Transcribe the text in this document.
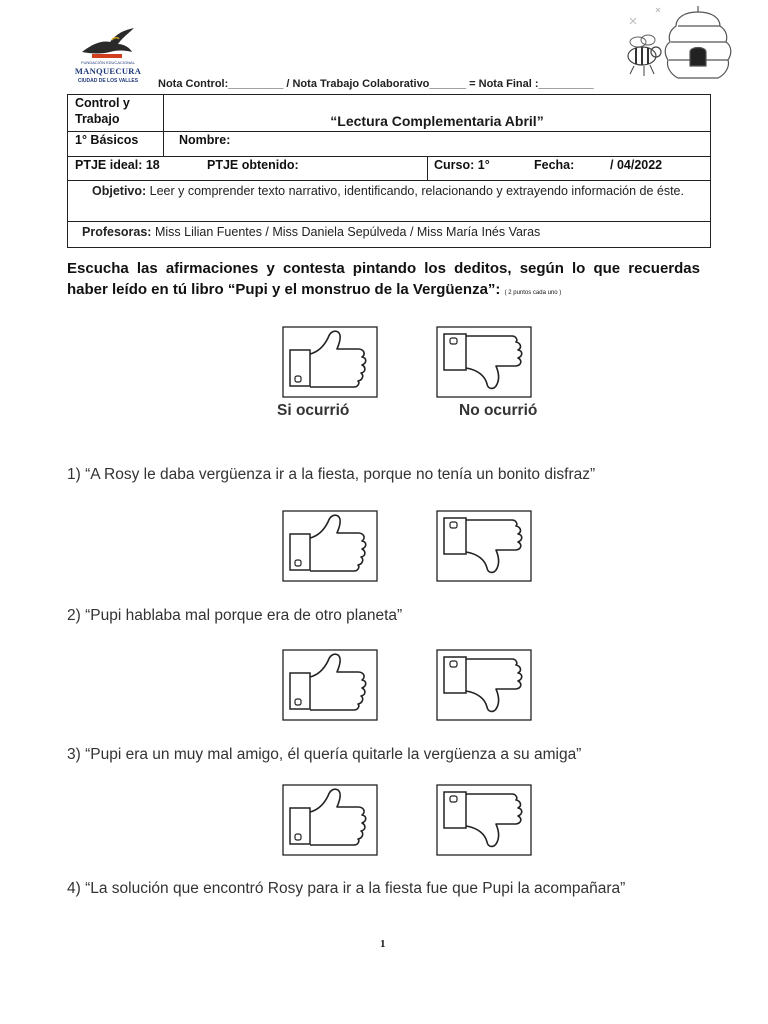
FUNDACIÓN EDUCACIONAL
MANQUECURA
CIUDAD DE LOS VALLES	Nota Control:_________ / Nota Trabajo Colaborativo______ = Nota Final :_________
Control y
Trabajo	“Lectura Complementaria Abril”
1° Básicos	Nombre:
PTJE ideal: 18	PTJE obtenido:	Curso: 1°	Fecha:	/ 04/2022
Objetivo: Leer y comprender texto narrativo, identificando, relacionando y extrayendo información de éste.
Profesoras: Miss Lilian Fuentes / Miss Daniela Sepúlveda / Miss María Inés Varas
Escucha las afirmaciones y contesta pintando los deditos, según lo que recuerdas haber leído en tú libro “Pupi y el monstruo de la Vergüenza”: ( 2 puntos cada uno )
Si ocurrió	No ocurrió
1) “A Rosy le daba vergüenza ir a la fiesta, porque no tenía un bonito disfraz”
2) “Pupi hablaba mal porque era de otro planeta”
3) “Pupi era un muy mal amigo, él quería quitarle la vergüenza a su amiga”
4) “La solución que encontró Rosy para ir a la fiesta fue que Pupi la acompañara”
1
